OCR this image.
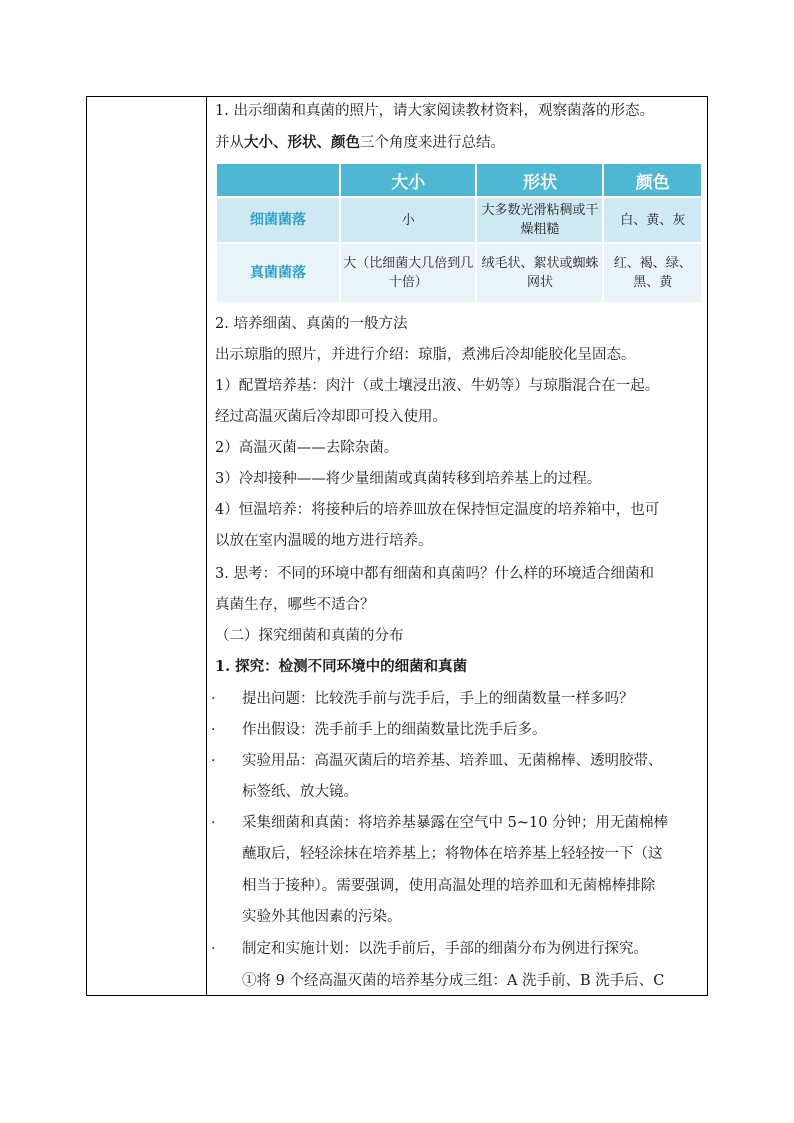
1. 出示细菌和真菌的照片，请大家阅读教材资料，观察菌落的形态。
并从大小、形状、颜色三个角度来进行总结。
	大小	形状	颜色
细菌菌落	小	大多数光滑粘稠或干燥粗糙	白、黄、灰
真菌菌落	大（比细菌大几倍到几十倍）	绒毛状、絮状或蜘蛛网状	红、褐、绿、黑、黄
2. 培养细菌、真菌的一般方法
出示琼脂的照片，并进行介绍：琼脂，煮沸后冷却能胶化呈固态。
1）配置培养基：肉汁（或土壤浸出液、牛奶等）与琼脂混合在一起。
经过高温灭菌后冷却即可投入使用。
2）高温灭菌——去除杂菌。
3）冷却接种——将少量细菌或真菌转移到培养基上的过程。
4）恒温培养：将接种后的培养皿放在保持恒定温度的培养箱中，也可
以放在室内温暖的地方进行培养。
3. 思考：不同的环境中都有细菌和真菌吗？什么样的环境适合细菌和
真菌生存，哪些不适合？
（二）探究细菌和真菌的分布
1. 探究：检测不同环境中的细菌和真菌
·
·
·
·
·
提出问题：比较洗手前与洗手后，手上的细菌数量一样多吗？
作出假设：洗手前手上的细菌数量比洗手后多。
实验用品：高温灭菌后的培养基、培养皿、无菌棉棒、透明胶带、
标签纸、放大镜。
采集细菌和真菌：将培养基暴露在空气中 5~10 分钟；用无菌棉棒
蘸取后，轻轻涂抹在培养基上；将物体在培养基上轻轻按一下（这
相当于接种）。需要强调，使用高温处理的培养皿和无菌棉棒排除
实验外其他因素的污染。
制定和实施计划：以洗手前后，手部的细菌分布为例进行探究。
①将 9 个经高温灭菌的培养基分成三组：A 洗手前、B 洗手后、C
